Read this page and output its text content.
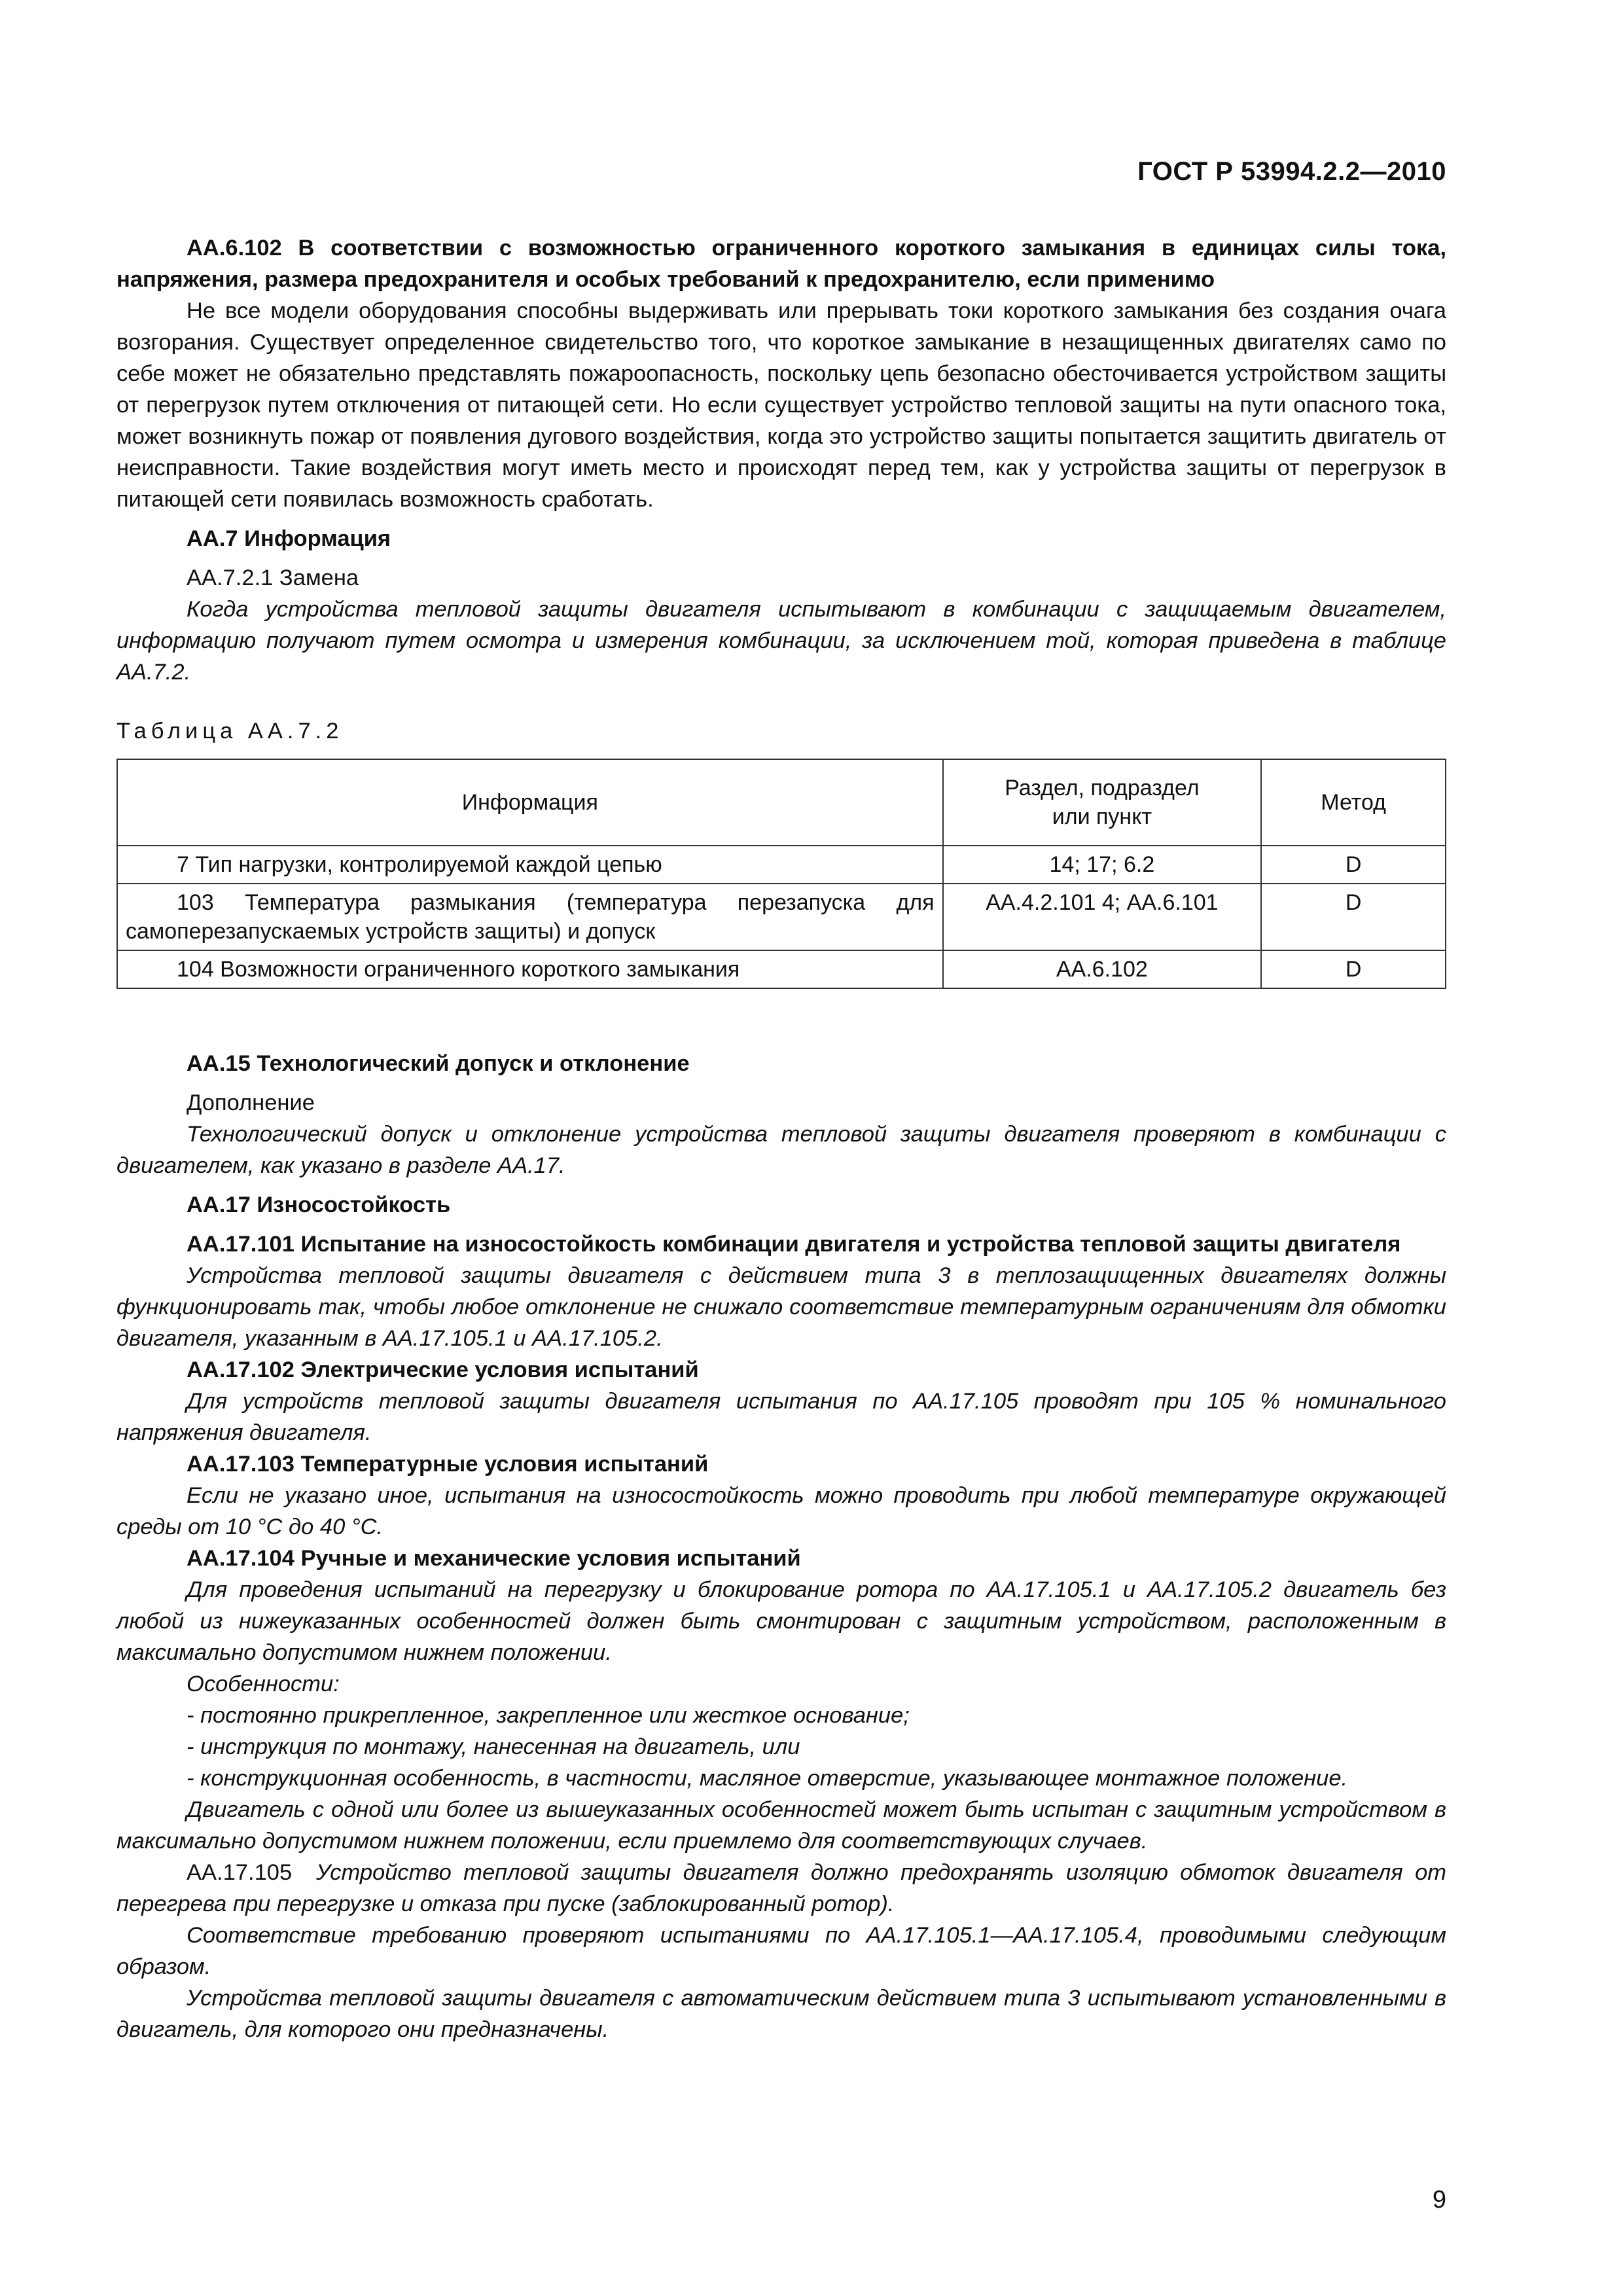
ГОСТ Р 53994.2.2—2010

АА.6.102 В соответствии с возможностью ограниченного короткого замыкания в единицах силы тока, напряжения, размера предохранителя и особых требований к предохранителю, если применимо

Не все модели оборудования способны выдерживать или прерывать токи короткого замыкания без создания очага возгорания. Существует определенное свидетельство того, что короткое замыкание в незащищенных двигателях само по себе может не обязательно представлять пожароопасность, поскольку цепь безопасно обесточивается устройством защиты от перегрузок путем отключения от питающей сети. Но если существует устройство тепловой защиты на пути опасного тока, может возникнуть пожар от появления дугового воздействия, когда это устройство защиты попытается защитить двигатель от неисправности. Такие воздействия могут иметь место и происходят перед тем, как у устройства защиты от перегрузок в питающей сети появилась возможность сработать.

АА.7 Информация

АА.7.2.1 Замена

Когда устройства тепловой защиты двигателя испытывают в комбинации с защищаемым двигателем, информацию получают путем осмотра и измерения комбинации, за исключением той, которая приведена в таблице АА.7.2.

Таблица АА.7.2

Информация	Раздел, подраздел или пункт	Метод
7 Тип нагрузки, контролируемой каждой цепью	14; 17; 6.2	D
103 Температура размыкания (температура перезапуска для самоперезапускаемых устройств защиты) и допуск	АА.4.2.101 4; АА.6.101	D
104 Возможности ограниченного короткого замыкания	АА.6.102	D

АА.15 Технологический допуск и отклонение

Дополнение

Технологический допуск и отклонение устройства тепловой защиты двигателя проверяют в комбинации с двигателем, как указано в разделе АА.17.

АА.17 Износостойкость

АА.17.101 Испытание на износостойкость комбинации двигателя и устройства тепловой защиты двигателя

Устройства тепловой защиты двигателя с действием типа 3 в теплозащищенных двигателях должны функционировать так, чтобы любое отклонение не снижало соответствие температурным ограничениям для обмотки двигателя, указанным в АА.17.105.1 и АА.17.105.2.

АА.17.102 Электрические условия испытаний

Для устройств тепловой защиты двигателя испытания по АА.17.105 проводят при 105 % номинального напряжения двигателя.

АА.17.103 Температурные условия испытаний

Если не указано иное, испытания на износостойкость можно проводить при любой температуре окружающей среды от 10 °С до 40 °С.

АА.17.104 Ручные и механические условия испытаний

Для проведения испытаний на перегрузку и блокирование ротора по АА.17.105.1 и АА.17.105.2 двигатель без любой из нижеуказанных особенностей должен быть смонтирован с защитным устройством, расположенным в максимально допустимом нижнем положении.

Особенности:

- постоянно прикрепленное, закрепленное или жесткое основание;

- инструкция по монтажу, нанесенная на двигатель, или

- конструкционная особенность, в частности, масляное отверстие, указывающее монтажное положение.

Двигатель с одной или более из вышеуказанных особенностей может быть испытан с защитным устройством в максимально допустимом нижнем положении, если приемлемо для соответствующих случаев.

АА.17.105 Устройство тепловой защиты двигателя должно предохранять изоляцию обмоток двигателя от перегрева при перегрузке и отказа при пуске (заблокированный ротор).

Соответствие требованию проверяют испытаниями по АА.17.105.1—АА.17.105.4, проводимыми следующим образом.

Устройства тепловой защиты двигателя с автоматическим действием типа 3 испытывают установленными в двигатель, для которого они предназначены.

9
